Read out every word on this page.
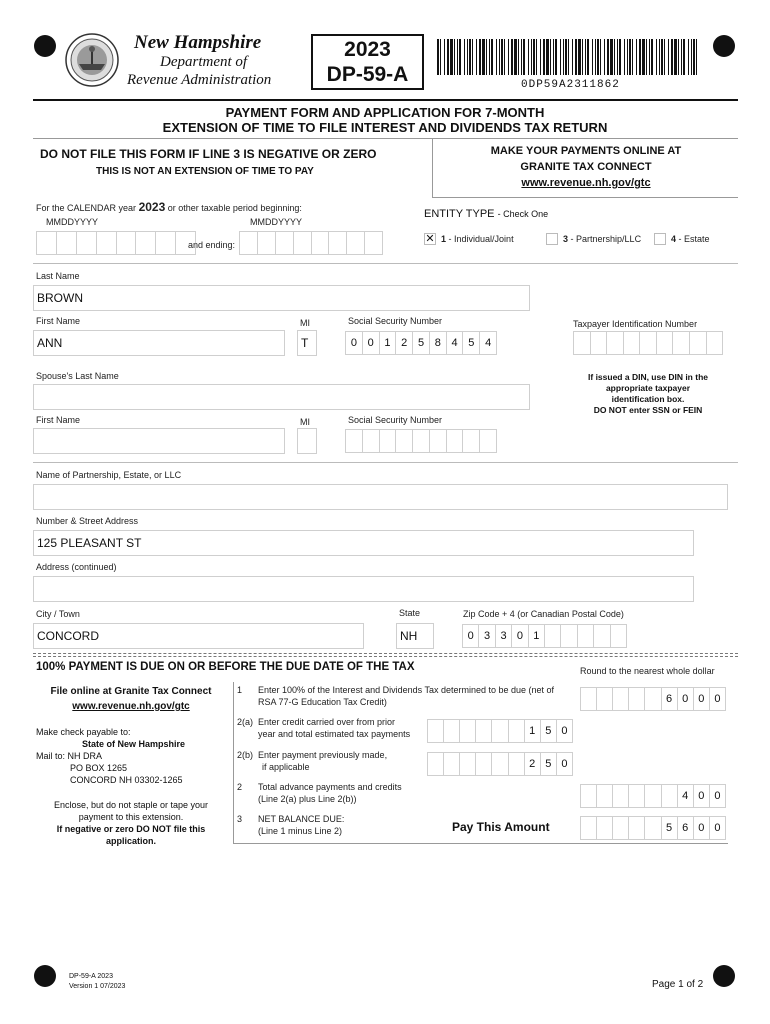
New Hampshire
Department of
Revenue Administration
2023
DP-59-A	0DP59A2311862
PAYMENT FORM AND APPLICATION FOR 7-MONTH
EXTENSION OF TIME TO FILE INTEREST AND DIVIDENDS TAX RETURN
DO NOT FILE THIS FORM IF LINE 3 IS NEGATIVE OR ZERO
THIS IS NOT AN EXTENSION OF TIME TO PAY
MAKE YOUR PAYMENTS ONLINE AT
GRANITE TAX CONNECT
www.revenue.nh.gov/gtc
For the CALENDAR year 2023 or other taxable period beginning:
MMDDYYYY	MMDDYYYY
and ending:
ENTITY TYPE - Check One
✕ 1 - Individual/Joint	3 - Partnership/LLC	4 - Estate
Last Name
BROWN
First Name	MI	Social Security Number	Taxpayer Identification Number
ANN	T	0 0 1 2 5 8 4 5 4
Spouse's Last Name	If issued a DIN, use DIN in the
appropriate taxpayer
identification box.
DO NOT enter SSN or FEIN
First Name	MI	Social Security Number
Name of Partnership, Estate, or LLC
Number & Street Address
125 PLEASANT ST
Address (continued)
City / Town	State	Zip Code + 4 (or Canadian Postal Code)
CONCORD	NH	0 3 3 0 1
100% PAYMENT IS DUE ON OR BEFORE THE DUE DATE OF THE TAX	Round to the nearest whole dollar
File online at Granite Tax Connect
www.revenue.nh.gov/gtc
Make check payable to:
State of New Hampshire
Mail to: NH DRA
PO BOX 1265
CONCORD NH 03302-1265
Enclose, but do not staple or tape your
payment to this extension.
If negative or zero DO NOT file this
application.
1 Enter 100% of the Interest and Dividends Tax determined to be due (net of
RSA 77-G Education Tax Credit)	6 0 0 0
2(a) Enter credit carried over from prior
year and total estimated tax payments	1 5 0
2(b) Enter payment previously made,
if applicable	2 5 0
2 Total advance payments and credits
(Line 2(a) plus Line 2(b))	4 0 0
3 NET BALANCE DUE:
(Line 1 minus Line 2)	5 6 0 0
Pay This Amount
DP-59-A 2023
Version 1 07/2023	Page 1 of 2
